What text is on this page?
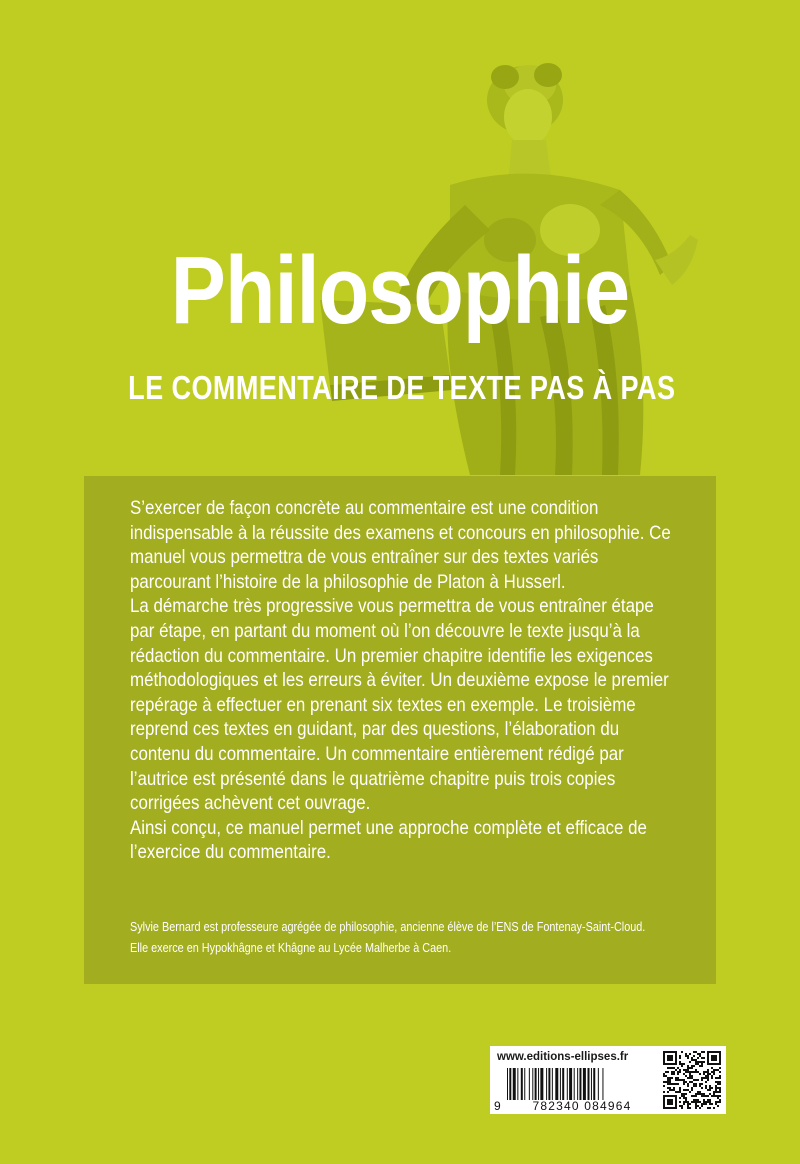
Philosophie
LE COMMENTAIRE DE TEXTE PAS À PAS

S’exercer de façon concrète au commentaire est une condition indispensable à la réussite des examens et concours en philosophie. Ce manuel vous permettra de vous entraîner sur des textes variés parcourant l’histoire de la philosophie de Platon à Husserl.

La démarche très progressive vous permettra de vous entraîner étape par étape, en partant du moment où l’on découvre le texte jusqu’à la rédaction du commentaire. Un premier chapitre identifie les exigences méthodologiques et les erreurs à éviter. Un deuxième expose le premier repérage à effectuer en prenant six textes en exemple. Le troisième reprend ces textes en guidant, par des questions, l’élaboration du contenu du commentaire. Un commentaire entièrement rédigé par l’autrice est présenté dans le quatrième chapitre puis trois copies corrigées achèvent cet ouvrage.

Ainsi conçu, ce manuel permet une approche complète et efficace de l’exercice du commentaire.

Sylvie Bernard est professeure agrégée de philosophie, ancienne élève de l’ENS de Fontenay-Saint-Cloud.

Elle exerce en Hypokhâgne et Khâgne au Lycée Malherbe à Caen.

www.editions-ellipses.fr
9	782340 084964
